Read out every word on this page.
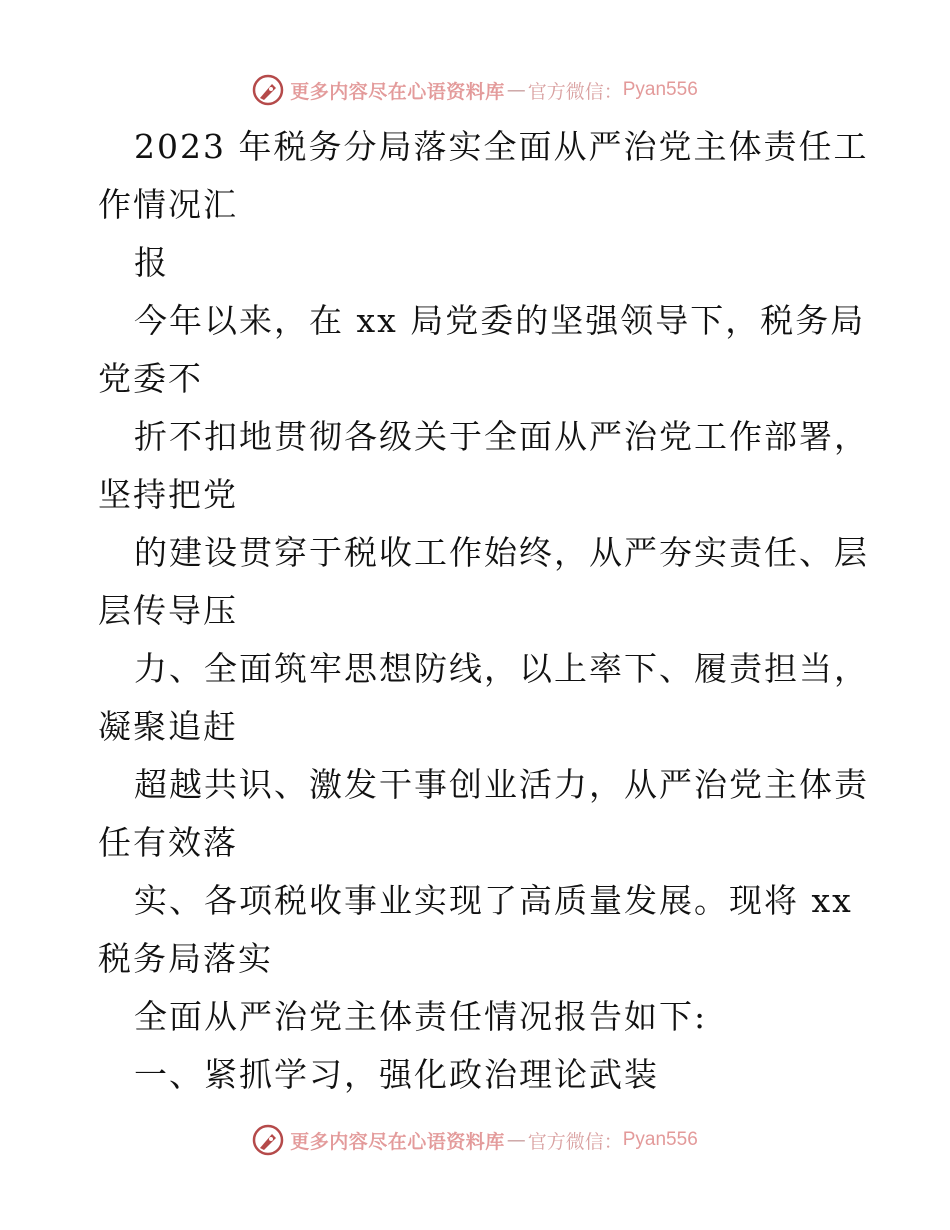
更多内容尽在心语资料库 — 官方微信： Pyan556
2023 年税务分局落实全面从严治党主体责任工
作情况汇
报
今年以来，在 xx 局党委的坚强领导下，税务局
党委不
折不扣地贯彻各级关于全面从严治党工作部署，
坚持把党
的建设贯穿于税收工作始终，从严夯实责任、层
层传导压
力、全面筑牢思想防线，以上率下、履责担当，
凝聚追赶
超越共识、激发干事创业活力，从严治党主体责
任有效落
实、各项税收事业实现了高质量发展。现将 xx
税务局落实
全面从严治党主体责任情况报告如下:
一、紧抓学习，强化政治理论武装
更多内容尽在心语资料库 — 官方微信： Pyan556
